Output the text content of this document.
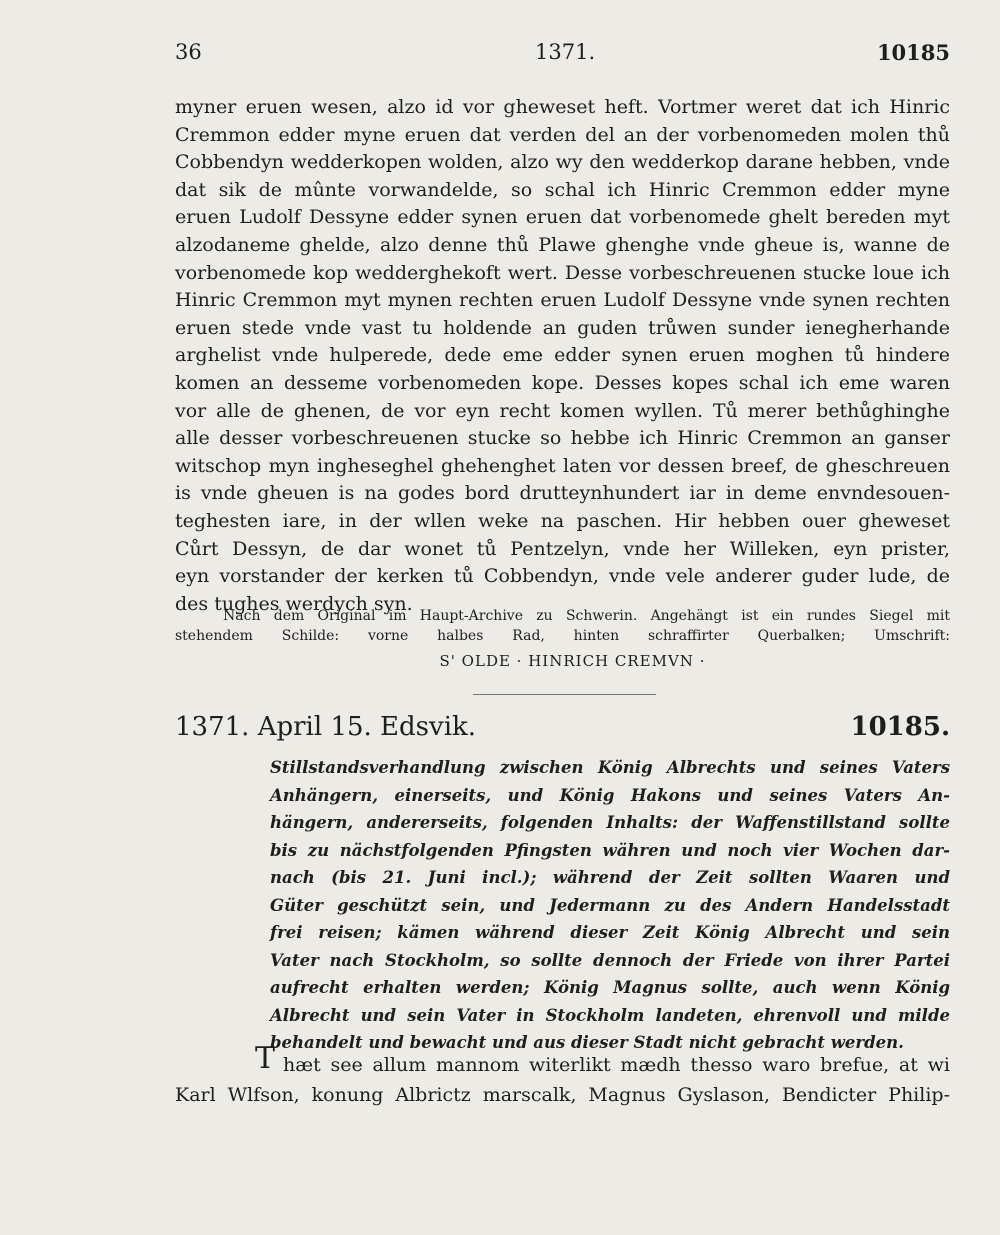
36	1371.	10185
myner eruen wesen, alzo id vor gheweset heft. Vortmer weret dat ich Hinric
Cremmon edder myne eruen dat verden del an der vorbenomeden molen thů
Cobbendyn wedderkopen wolden, alzo wy den wedderkop darane hebben, vnde
dat sik de mûnte vorwandelde, so schal ich Hinric Cremmon edder myne
eruen Ludolf Dessyne edder synen eruen dat vorbenomede ghelt bereden myt
alzodaneme ghelde, alzo denne thů Plawe ghenghe vnde gheue is, wanne de
vorbenomede kop wedderghekoft wert. Desse vorbeschreuenen stucke loue ich
Hinric Cremmon myt mynen rechten eruen Ludolf Dessyne vnde synen rechten
eruen stede vnde vast tu holdende an guden trůwen sunder ienegherhande
arghelist vnde hulperede, dede eme edder synen eruen moghen tů hindere
komen an desseme vorbenomeden kope. Desses kopes schal ich eme waren
vor alle de ghenen, de vor eyn recht komen wyllen. Tů merer bethůghinghe
alle desser vorbeschreuenen stucke so hebbe ich Hinric Cremmon an ganser
witschop myn ingheseghel ghehenghet laten vor dessen breef, de gheschreuen
is vnde gheuen is na godes bord drutteynhundert iar in deme envndesouen-
teghesten iare, in der wllen weke na paschen. Hir hebben ouer gheweset
Cůrt Dessyn, de dar wonet tů Pentzelyn, vnde her Willeken, eyn prister,
eyn vorstander der kerken tů Cobbendyn, vnde vele anderer guder lude, de
des tughes werdych syn.
Nach dem Original im Haupt-Archive zu Schwerin. Angehängt ist ein rundes Siegel mit
stehendem Schilde: vorne halbes Rad, hinten schraffirter Querbalken; Umschrift:
S' OLDE · HINRICH CREMVN ·
1371. April 15. Edsvik.	10185.
Stillstandsverhandlung zwischen König Albrechts und seines Vaters
Anhängern, einerseits, und König Hakons und seines Vaters An-
hängern, andererseits, folgenden Inhalts: der Waffenstillstand sollte
bis zu nächstfolgenden Pfingsten währen und noch vier Wochen dar-
nach (bis 21. Juni incl.); während der Zeit sollten Waaren und
Güter geschützt sein, und Jedermann zu des Andern Handelsstadt
frei reisen; kämen während dieser Zeit König Albrecht und sein
Vater nach Stockholm, so sollte dennoch der Friede von ihrer Partei
aufrecht erhalten werden; König Magnus sollte, auch wenn König
Albrecht und sein Vater in Stockholm landeten, ehrenvoll und milde
behandelt und bewacht und aus dieser Stadt nicht gebracht werden.
T hæt see allum mannom witerlikt mædh thesso waro brefue, at wi
Karl Wlfson, konung Albrictz marscalk, Magnus Gyslason, Bendicter Philip-
